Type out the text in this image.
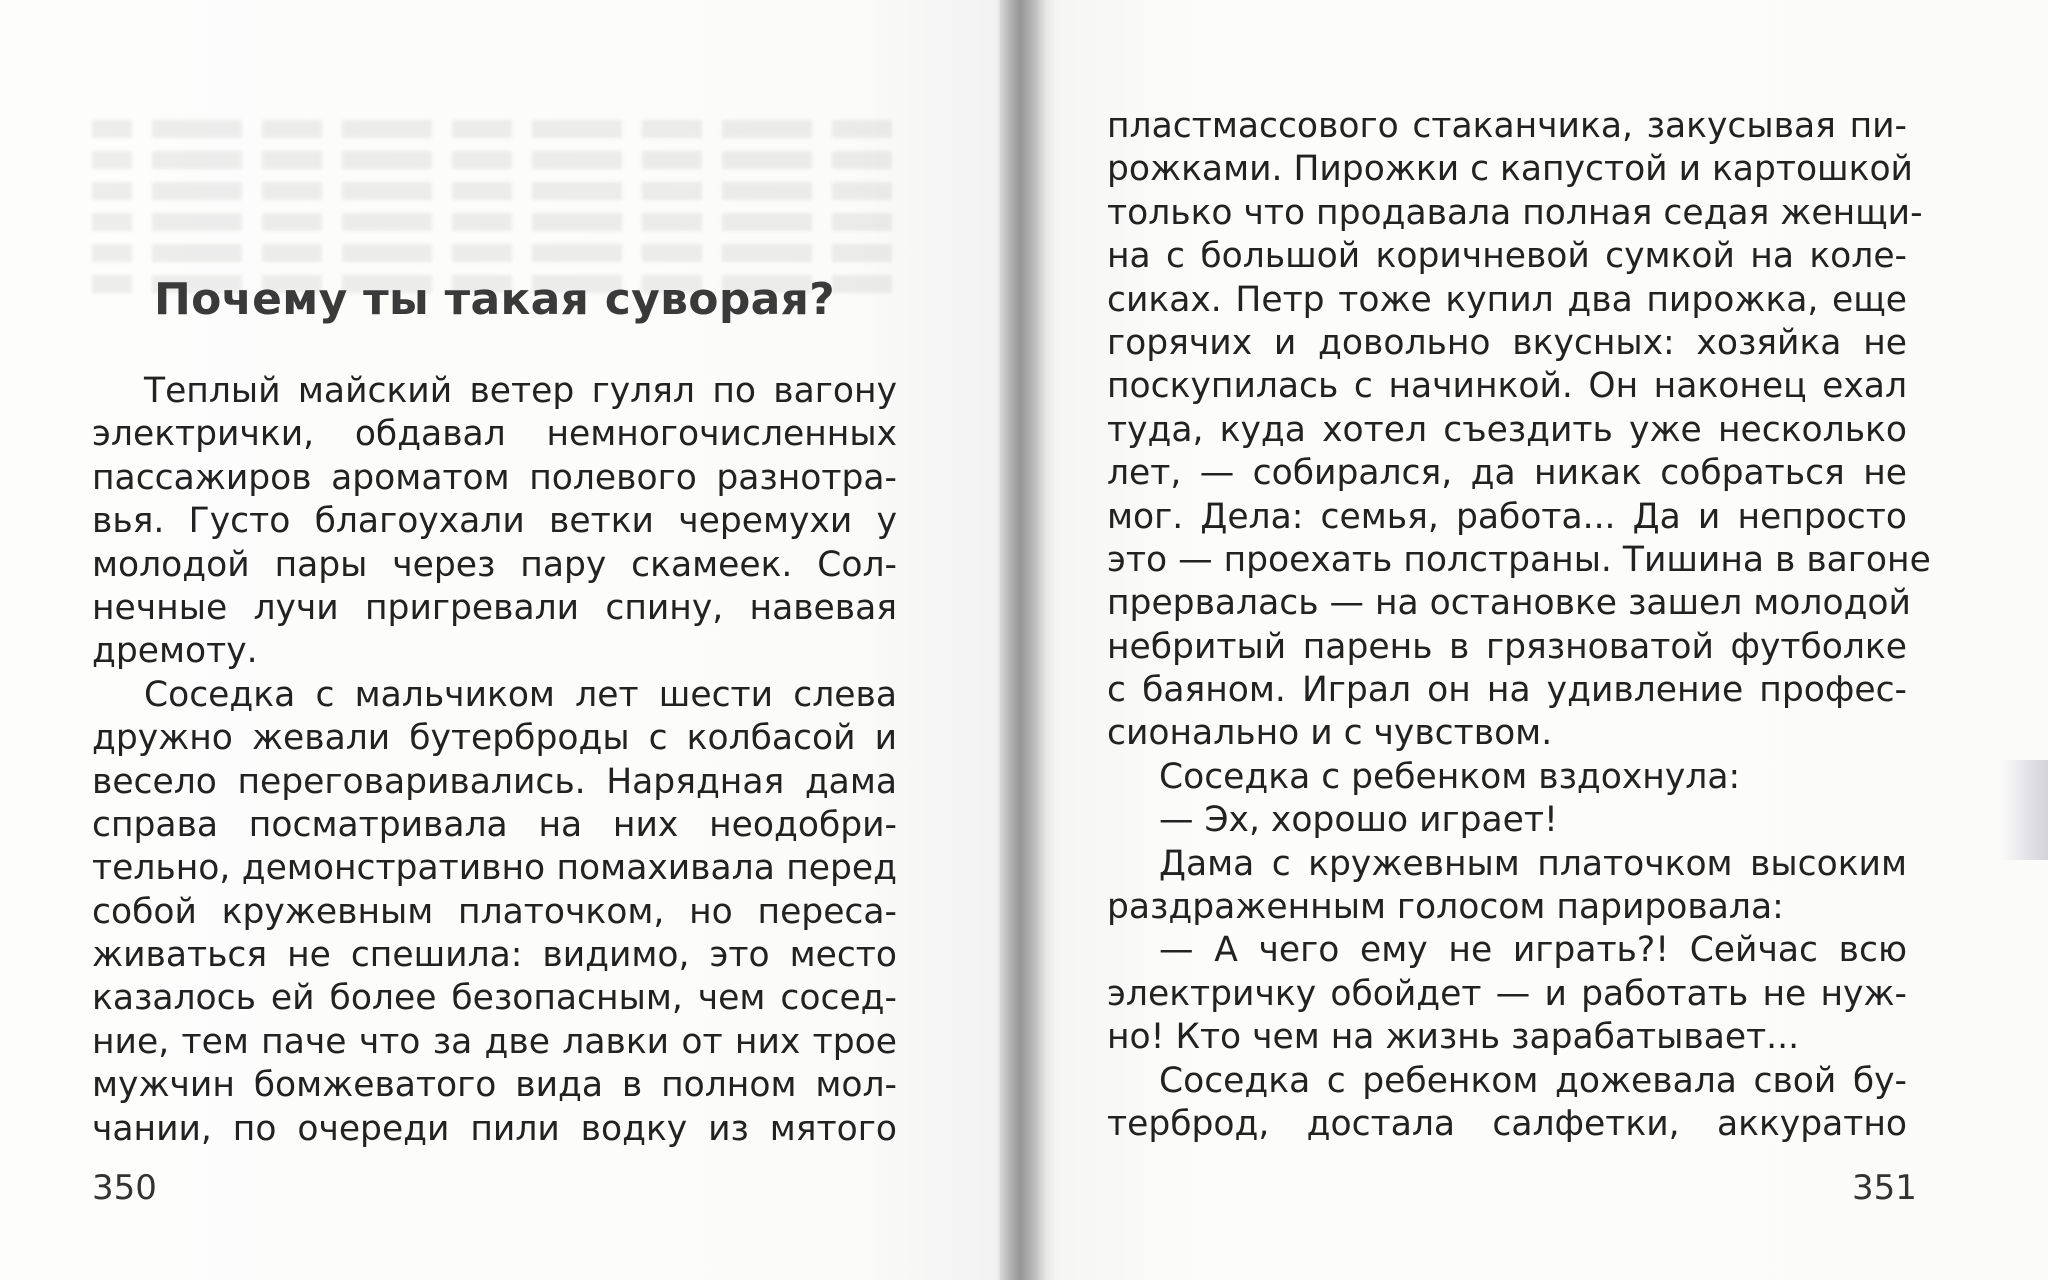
Почему ты такая суворая?
Теплый майский ветер гулял по вагону
электрички, обдавал немногочисленных
пассажиров ароматом полевого разнотра-
вья. Густо благоухали ветки черемухи у
молодой пары через пару скамеек. Сол-
нечные лучи пригревали спину, навевая
дремоту.
Соседка с мальчиком лет шести слева
дружно жевали бутерброды с колбасой и
весело переговаривались. Нарядная дама
справа посматривала на них неодобри-
тельно, демонстративно помахивала перед
собой кружевным платочком, но переса-
живаться не спешила: видимо, это место
казалось ей более безопасным, чем сосед-
ние, тем паче что за две лавки от них трое
мужчин бомжеватого вида в полном мол-
чании, по очереди пили водку из мятого
пластмассового стаканчика, закусывая пи-
рожками. Пирожки с капустой и картошкой
только что продавала полная седая женщи-
на с большой коричневой сумкой на коле-
сиках. Петр тоже купил два пирожка, еще
горячих и довольно вкусных: хозяйка не
поскупилась с начинкой. Он наконец ехал
туда, куда хотел съездить уже несколько
лет, — собирался, да никак собраться не
мог. Дела: семья, работа... Да и непросто
это — проехать полстраны. Тишина в вагоне
прервалась — на остановке зашел молодой
небритый парень в грязноватой футболке
с баяном. Играл он на удивление профес-
сионально и с чувством.
Соседка с ребенком вздохнула:
— Эх, хорошо играет!
Дама с кружевным платочком высоким
раздраженным голосом парировала:
— А чего ему не играть?! Сейчас всю
электричку обойдет — и работать не нуж-
но! Кто чем на жизнь зарабатывает...
Соседка с ребенком дожевала свой бу-
терброд, достала салфетки, аккуратно
350	351
